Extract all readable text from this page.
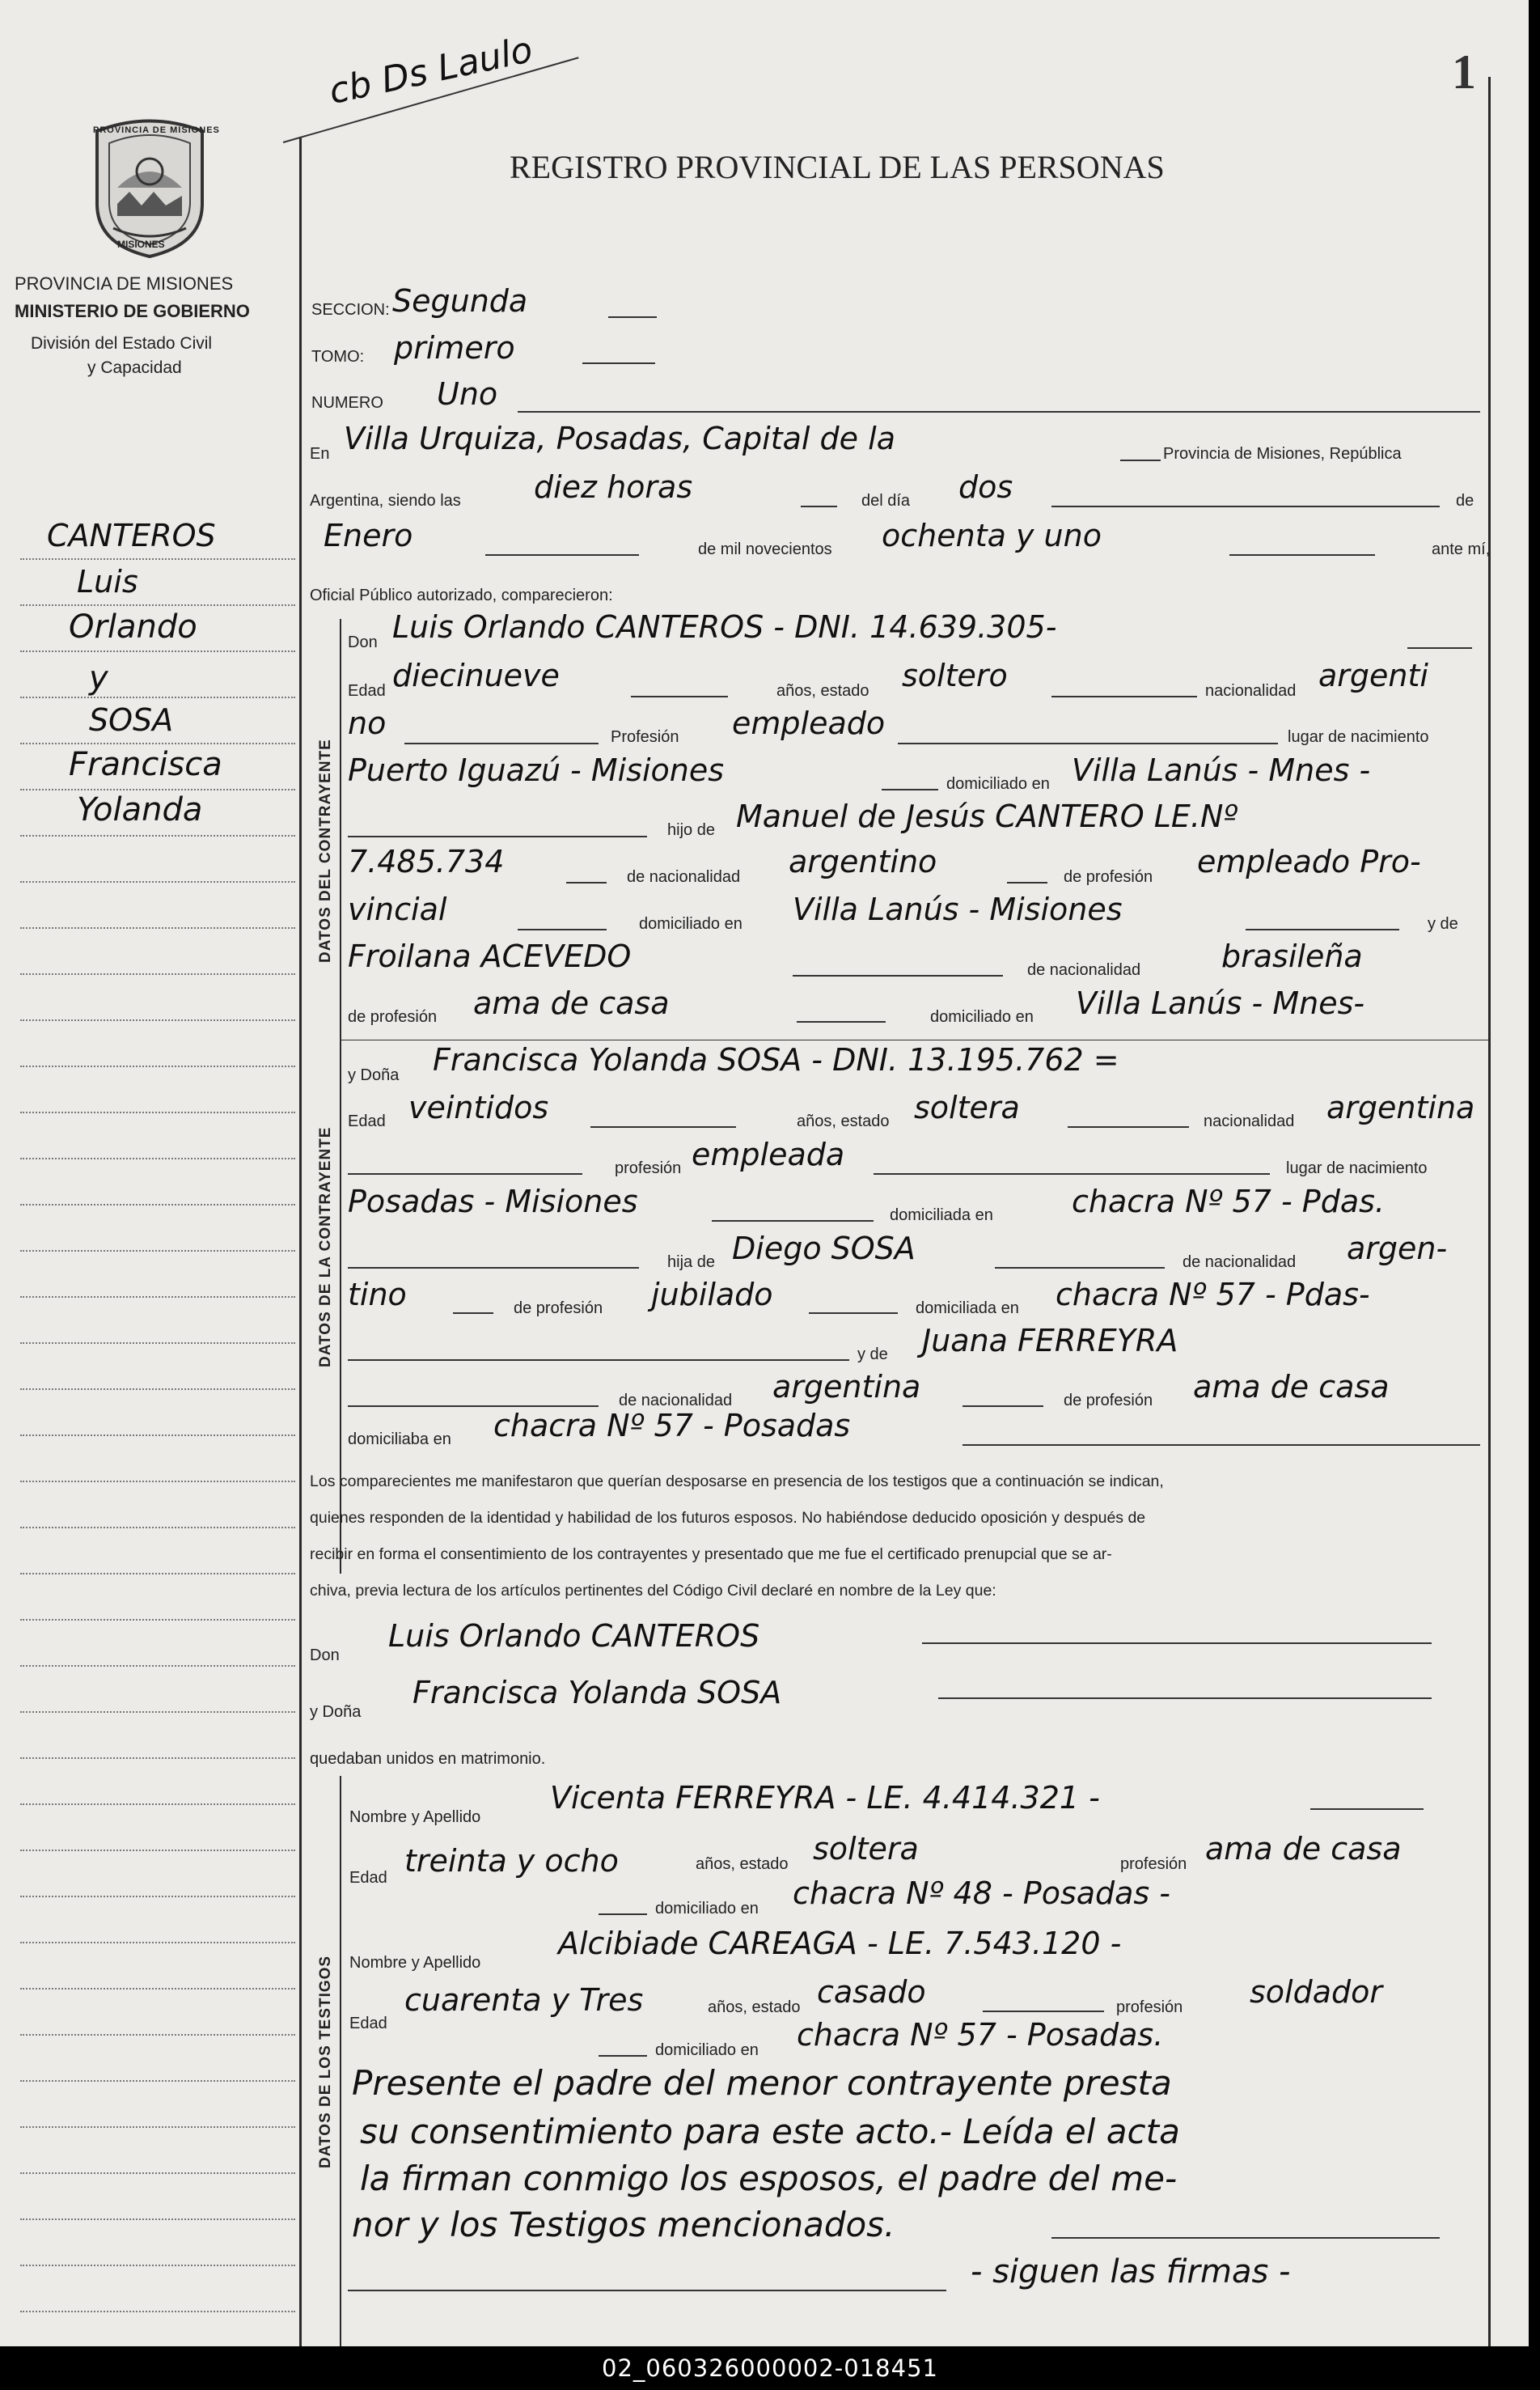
cb Ds Laulo	1
REGISTRO PROVINCIAL DE LAS PERSONAS
PROVINCIA DE MISIONES
MISIONES
PROVINCIA DE MISIONES
MINISTERIO DE GOBIERNO
División del Estado Civil
y Capacidad
CANTEROS
Luis
Orlando
y
SOSA
Francisca
Yolanda
SECCION: Segunda
TOMO: primero
NUMERO Uno
En Villa Urquiza, Posadas, Capital de la	Provincia de Misiones, República
Argentina, siendo las diez horas	del día dos	de
Enero	de mil novecientos ochenta y uno	ante mí,
Oficial Público autorizado, comparecieron:
DATOS DEL CONTRAYENTE
Don Luis Orlando CANTEROS - DNI. 14.639.305-
Edad diecinueve	años, estado soltero	nacionalidad argenti
no	Profesión empleado	lugar de nacimiento
Puerto Iguazú - Misiones	domiciliado en Villa Lanús - Mnes -
hijo de Manuel de Jesús CANTERO LE.Nº
7.485.734	de nacionalidad argentino	de profesión empleado Pro-
vincial	domiciliado en Villa Lanús - Misiones	y de
Froilana ACEVEDO	de nacionalidad	brasileña
de profesión ama de casa	domiciliado en Villa Lanús - Mnes-
DATOS DE LA CONTRAYENTE
y Doña Francisca Yolanda SOSA - DNI. 13.195.762 =
Edad veintidos	años, estado soltera	nacionalidad argentina
profesión empleada	lugar de nacimiento
Posadas - Misiones	domiciliada en	chacra Nº 57 - Pdas.
hija de Diego SOSA	de nacionalidad argen-
tino	de profesión jubilado	domiciliada en chacra Nº 57 - Pdas-
y de Juana FERREYRA
de nacionalidad argentina	de profesión ama de casa
domiciliaba en chacra Nº 57 - Posadas
Los comparecientes me manifestaron que querían desposarse en presencia de los testigos que a continuación se indican,
quienes responden de la identidad y habilidad de los futuros esposos. No habiéndose deducido oposición y después de
recibir en forma el consentimiento de los contrayentes y presentado que me fue el certificado prenupcial que se ar-
chiva, previa lectura de los artículos pertinentes del Código Civil declaré en nombre de la Ley que:
Don
Luis Orlando CANTEROS
y Doña
Francisca Yolanda SOSA
quedaban unidos en matrimonio.
DATOS DE LOS TESTIGOS
Nombre y Apellido
Vicenta FERREYRA - LE. 4.414.321 -
Edad treinta y ocho	años, estado soltera	profesión ama de casa
domiciliado en chacra Nº 48 - Posadas -
Nombre y Apellido
Alcibiade CAREAGA - LE. 7.543.120 -
Edad
cuarenta y Tres	años, estado casado	profesión soldador
domiciliado en chacra Nº 57 - Posadas.
Presente el padre del menor contrayente presta
su consentimiento para este acto.- Leída el acta
la firman conmigo los esposos, el padre del me-
nor y los Testigos mencionados.
- siguen las firmas -
02_060326000002-018451
